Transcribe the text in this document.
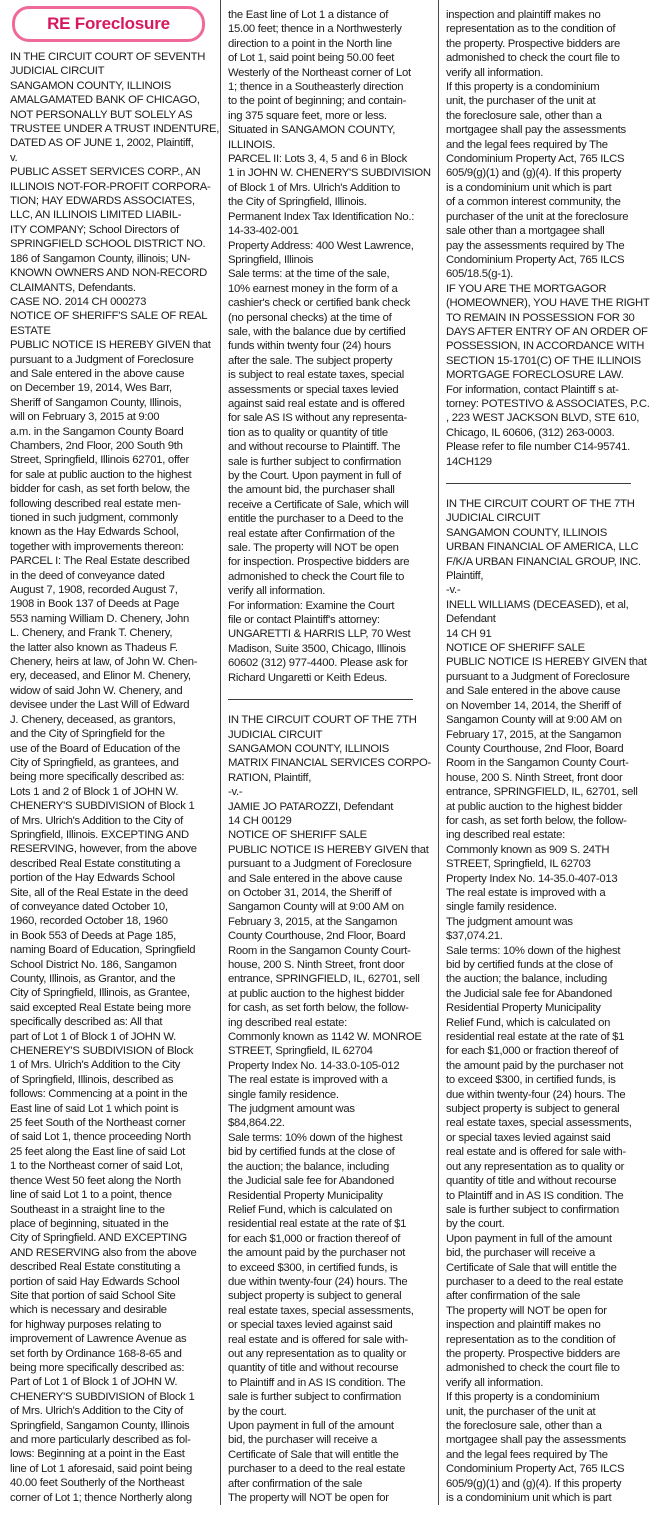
RE Foreclosure
IN THE CIRCUIT COURT OF SEVENTH
JUDICIAL CIRCUIT
SANGAMON COUNTY, ILLINOIS
AMALGAMATED BANK OF CHICAGO,
NOT PERSONALLY BUT SOLELY AS
TRUSTEE UNDER A TRUST INDENTURE,
DATED AS OF JUNE 1, 2002, Plaintiff,
v.
PUBLIC ASSET SERVICES CORP., AN
ILLINOIS NOT-FOR-PROFIT CORPORA-
TION; HAY EDWARDS ASSOCIATES,
LLC, AN ILLINOIS LIMITED LIABIL-
ITY COMPANY; School Directors of
SPRINGFIELD SCHOOL DISTRICT NO.
186 of Sangamon County, illinois; UN-
KNOWN OWNERS AND NON-RECORD
CLAIMANTS, Defendants.
CASE NO. 2014 CH 000273
NOTICE OF SHERIFF'S SALE OF REAL
ESTATE
PUBLIC NOTICE IS HEREBY GIVEN that
pursuant to a Judgment of Foreclosure
and Sale entered in the above cause
on December 19, 2014, Wes Barr,
Sheriff of Sangamon County, Illinois,
will on February 3, 2015 at 9:00
a.m. in the Sangamon County Board
Chambers, 2nd Floor, 200 South 9th
Street, Springfield, Illinois 62701, offer
for sale at public auction to the highest
bidder for cash, as set forth below, the
following described real estate men-
tioned in such judgment, commonly
known as the Hay Edwards School,
together with improvements thereon:
PARCEL I: The Real Estate described
in the deed of conveyance dated
August 7, 1908, recorded August 7,
1908 in Book 137 of Deeds at Page
553 naming William D. Chenery, John
L. Chenery, and Frank T. Chenery,
the latter also known as Thadeus F.
Chenery, heirs at law, of John W. Chen-
ery, deceased, and Elinor M. Chenery,
widow of said John W. Chenery, and
devisee under the Last Will of Edward
J. Chenery, deceased, as grantors,
and the City of Springfield for the
use of the Board of Education of the
City of Springfield, as grantees, and
being more specifically described as:
Lots 1 and 2 of Block 1 of JOHN W.
CHENERY'S SUBDIVISION of Block 1
of Mrs. Ulrich's Addition to the City of
Springfield, Illinois. EXCEPTING AND
RESERVING, however, from the above
described Real Estate constituting a
portion of the Hay Edwards School
Site, all of the Real Estate in the deed
of conveyance dated October 10,
1960, recorded October 18, 1960
in Book 553 of Deeds at Page 185,
naming Board of Education, Springfield
School District No. 186, Sangamon
County, Illinois, as Grantor, and the
City of Springfield, Illinois, as Grantee,
said excepted Real Estate being more
specifically described as: All that
part of Lot 1 of Block 1 of JOHN W.
CHENEREY'S SUBDIVISION of Block
1 of Mrs. Ulrich's Addition to the City
of Springfield, Illinois, described as
follows: Commencing at a point in the
East line of said Lot 1 which point is
25 feet South of the Northeast corner
of said Lot 1, thence proceeding North
25 feet along the East line of said Lot
1 to the Northeast corner of said Lot,
thence West 50 feet along the North
line of said Lot 1 to a point, thence
Southeast in a straight line to the
place of beginning, situated in the
City of Springfield. AND EXCEPTING
AND RESERVING also from the above
described Real Estate constituting a
portion of said Hay Edwards School
Site that portion of said School Site
which is necessary and desirable
for highway purposes relating to
improvement of Lawrence Avenue as
set forth by Ordinance 168-8-65 and
being more specifically described as:
Part of Lot 1 of Block 1 of JOHN W.
CHENERY'S SUBDIVISION of Block 1
of Mrs. Ulrich's Addition to the City of
Springfield, Sangamon County, Illinois
and more particularly described as fol-
lows: Beginning at a point in the East
line of Lot 1 aforesaid, said point being
40.00 feet Southerly of the Northeast
corner of Lot 1; thence Northerly along
the East line of Lot 1 a distance of
15.00 feet; thence in a Northwesterly
direction to a point in the North line
of Lot 1, said point being 50.00 feet
Westerly of the Northeast corner of Lot
1; thence in a Southeasterly direction
to the point of beginning; and contain-
ing 375 square feet, more or less.
Situated in SANGAMON COUNTY,
ILLINOIS.
PARCEL II: Lots 3, 4, 5 and 6 in Block
1 in JOHN W. CHENERY'S SUBDIVISION
of Block 1 of Mrs. Ulrich's Addition to
the City of Springfield, Illinois.
Permanent Index Tax Identification No.:
14-33-402-001
Property Address: 400 West Lawrence,
Springfield, Illinois
Sale terms: at the time of the sale,
10% earnest money in the form of a
cashier's check or certified bank check
(no personal checks) at the time of
sale, with the balance due by certified
funds within twenty four (24) hours
after the sale. The subject property
is subject to real estate taxes, special
assessments or special taxes levied
against said real estate and is offered
for sale AS IS without any representa-
tion as to quality or quantity of title
and without recourse to Plaintiff. The
sale is further subject to confirmation
by the Court. Upon payment in full of
the amount bid, the purchaser shall
receive a Certificate of Sale, which will
entitle the purchaser to a Deed to the
real estate after Confirmation of the
sale. The property will NOT be open
for inspection. Prospective bidders are
admonished to check the Court file to
verify all information.
For information: Examine the Court
file or contact Plaintiff's attorney:
UNGARETTI & HARRIS LLP, 70 West
Madison, Suite 3500, Chicago, Illinois
60602 (312) 977-4400. Please ask for
Richard Ungaretti or Keith Edeus.
IN THE CIRCUIT COURT OF THE 7TH
JUDICIAL CIRCUIT
SANGAMON COUNTY, ILLINOIS
MATRIX FINANCIAL SERVICES CORPO-
RATION, Plaintiff,
-v.-
JAMIE JO PATAROZZI, Defendant
14 CH 00129
NOTICE OF SHERIFF SALE
PUBLIC NOTICE IS HEREBY GIVEN that
pursuant to a Judgment of Foreclosure
and Sale entered in the above cause
on October 31, 2014, the Sheriff of
Sangamon County will at 9:00 AM on
February 3, 2015, at the Sangamon
County Courthouse, 2nd Floor, Board
Room in the Sangamon County Court-
house, 200 S. Ninth Street, front door
entrance, SPRINGFIELD, IL, 62701, sell
at public auction to the highest bidder
for cash, as set forth below, the follow-
ing described real estate:
Commonly known as 1142 W. MONROE
STREET, Springfield, IL 62704
Property Index No. 14-33.0-105-012
The real estate is improved with a
single family residence.
The judgment amount was
$84,864.22.
Sale terms: 10% down of the highest
bid by certified funds at the close of
the auction; the balance, including
the Judicial sale fee for Abandoned
Residential Property Municipality
Relief Fund, which is calculated on
residential real estate at the rate of $1
for each $1,000 or fraction thereof of
the amount paid by the purchaser not
to exceed $300, in certified funds, is
due within twenty-four (24) hours. The
subject property is subject to general
real estate taxes, special assessments,
or special taxes levied against said
real estate and is offered for sale with-
out any representation as to quality or
quantity of title and without recourse
to Plaintiff and in AS IS condition. The
sale is further subject to confirmation
by the court.
Upon payment in full of the amount
bid, the purchaser will receive a
Certificate of Sale that will entitle the
purchaser to a deed to the real estate
after confirmation of the sale
The property will NOT be open for
inspection and plaintiff makes no
representation as to the condition of
the property. Prospective bidders are
admonished to check the court file to
verify all information.
If this property is a condominium
unit, the purchaser of the unit at
the foreclosure sale, other than a
mortgagee shall pay the assessments
and the legal fees required by The
Condominium Property Act, 765 ILCS
605/9(g)(1) and (g)(4). If this property
is a condominium unit which is part
of a common interest community, the
purchaser of the unit at the foreclosure
sale other than a mortgagee shall
pay the assessments required by The
Condominium Property Act, 765 ILCS
605/18.5(g-1).
IF YOU ARE THE MORTGAGOR
(HOMEOWNER), YOU HAVE THE RIGHT
TO REMAIN IN POSSESSION FOR 30
DAYS AFTER ENTRY OF AN ORDER OF
POSSESSION, IN ACCORDANCE WITH
SECTION 15-1701(C) OF THE ILLINOIS
MORTGAGE FORECLOSURE LAW.
For information, contact Plaintiff s at-
torney: POTESTIVO & ASSOCIATES, P.C.
, 223 WEST JACKSON BLVD, STE 610,
Chicago, IL 60606, (312) 263-0003.
Please refer to file number C14-95741.
14CH129
IN THE CIRCUIT COURT OF THE 7TH
JUDICIAL CIRCUIT
SANGAMON COUNTY, ILLINOIS
URBAN FINANCIAL OF AMERICA, LLC
F/K/A URBAN FINANCIAL GROUP, INC.
Plaintiff,
-v.-
INELL WILLIAMS (DECEASED), et al,
Defendant
14 CH 91
NOTICE OF SHERIFF SALE
PUBLIC NOTICE IS HEREBY GIVEN that
pursuant to a Judgment of Foreclosure
and Sale entered in the above cause
on November 14, 2014, the Sheriff of
Sangamon County will at 9:00 AM on
February 17, 2015, at the Sangamon
County Courthouse, 2nd Floor, Board
Room in the Sangamon County Court-
house, 200 S. Ninth Street, front door
entrance, SPRINGFIELD, IL, 62701, sell
at public auction to the highest bidder
for cash, as set forth below, the follow-
ing described real estate:
Commonly known as 909 S. 24TH
STREET, Springfield, IL 62703
Property Index No. 14-35.0-407-013
The real estate is improved with a
single family residence.
The judgment amount was
$37,074.21.
Sale terms: 10% down of the highest
bid by certified funds at the close of
the auction; the balance, including
the Judicial sale fee for Abandoned
Residential Property Municipality
Relief Fund, which is calculated on
residential real estate at the rate of $1
for each $1,000 or fraction thereof of
the amount paid by the purchaser not
to exceed $300, in certified funds, is
due within twenty-four (24) hours. The
subject property is subject to general
real estate taxes, special assessments,
or special taxes levied against said
real estate and is offered for sale with-
out any representation as to quality or
quantity of title and without recourse
to Plaintiff and in AS IS condition. The
sale is further subject to confirmation
by the court.
Upon payment in full of the amount
bid, the purchaser will receive a
Certificate of Sale that will entitle the
purchaser to a deed to the real estate
after confirmation of the sale
The property will NOT be open for
inspection and plaintiff makes no
representation as to the condition of
the property. Prospective bidders are
admonished to check the court file to
verify all information.
If this property is a condominium
unit, the purchaser of the unit at
the foreclosure sale, other than a
mortgagee shall pay the assessments
and the legal fees required by The
Condominium Property Act, 765 ILCS
605/9(g)(1) and (g)(4). If this property
is a condominium unit which is part
